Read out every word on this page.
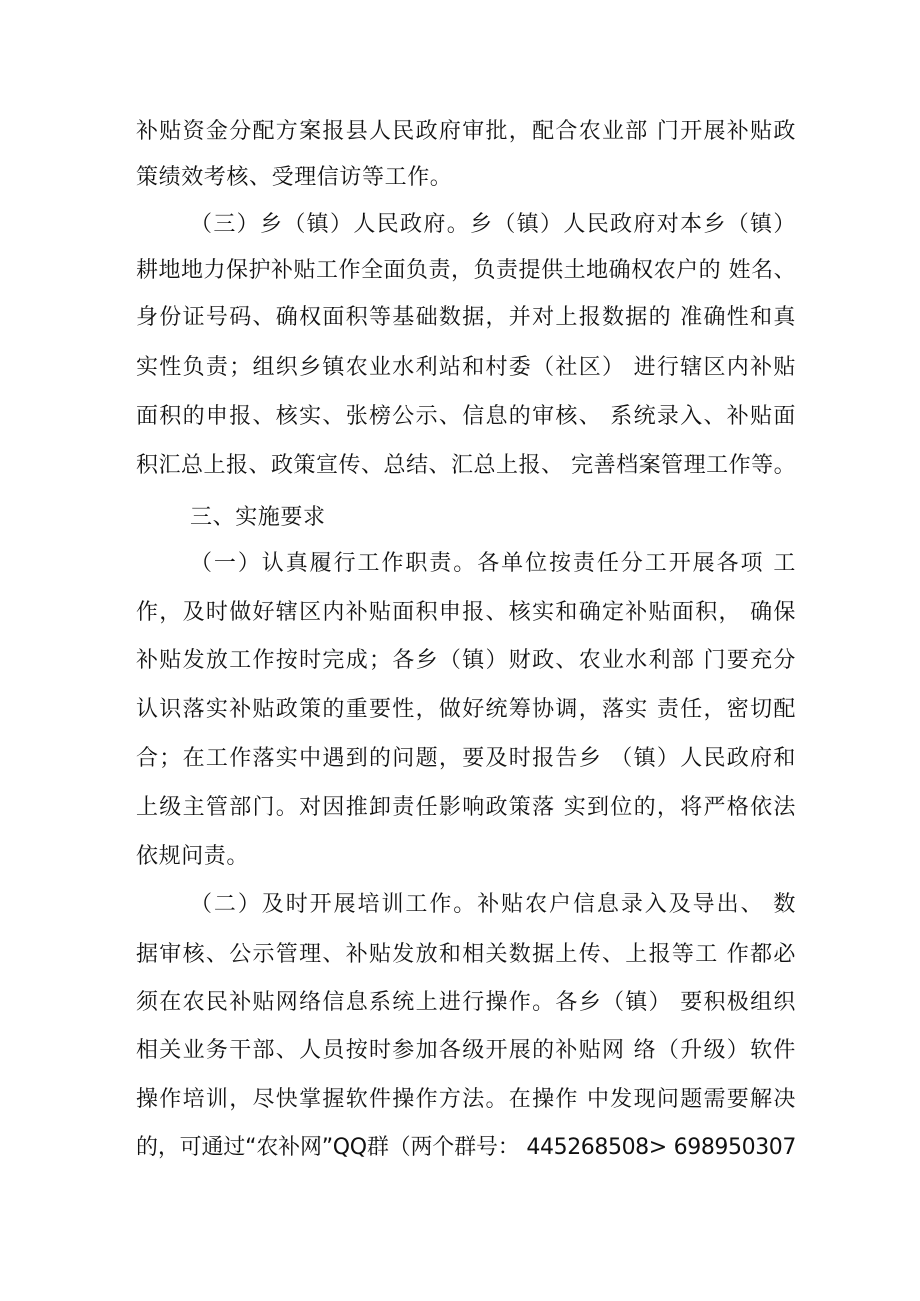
补贴资金分配方案报县人民政府审批，配合农业部 门开展补贴政
策绩效考核、受理信访等工作。
（三）乡（镇）人民政府。乡（镇）人民政府对本乡（镇）
耕地地力保护补贴工作全面负责，负责提供土地确权农户的 姓名、
身份证号码、确权面积等基础数据，并对上报数据的 准确性和真
实性负责；组织乡镇农业水利站和村委（社区） 进行辖区内补贴
面积的申报、核实、张榜公示、信息的审核、 系统录入、补贴面
积汇总上报、政策宣传、总结、汇总上报、 完善档案管理工作等。
三、实施要求
（一）认真履行工作职责。各单位按责任分工开展各项 工
作，及时做好辖区内补贴面积申报、核实和确定补贴面积， 确保
补贴发放工作按时完成；各乡（镇）财政、农业水利部 门要充分
认识落实补贴政策的重要性，做好统筹协调，落实 责任，密切配
合；在工作落实中遇到的问题，要及时报告乡 （镇）人民政府和
上级主管部门。对因推卸责任影响政策落 实到位的，将严格依法
依规问责。
（二）及时开展培训工作。补贴农户信息录入及导出、 数
据审核、公示管理、补贴发放和相关数据上传、上报等工 作都必
须在农民补贴网络信息系统上进行操作。各乡（镇） 要积极组织
相关业务干部、人员按时参加各级开展的补贴网 络（升级）软件
操作培训，尽快掌握软件操作方法。在操作 中发现问题需要解决
的，可通过“农补网”QQ群（两个群号： 445268508> 698950307
